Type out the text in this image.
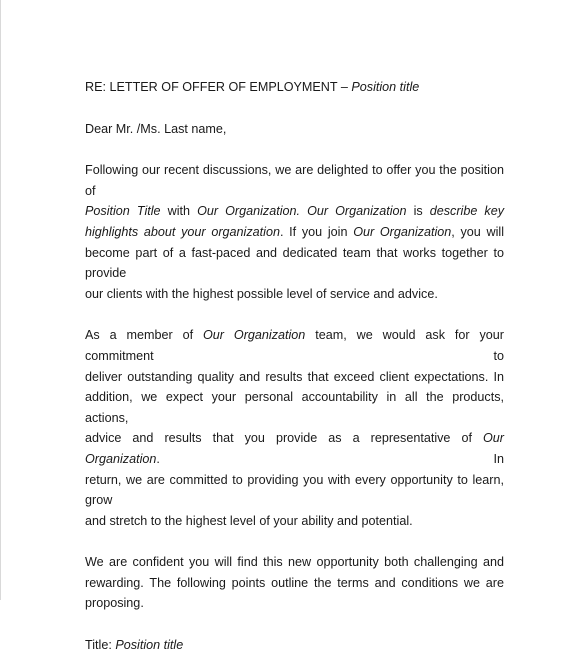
RE: LETTER OF OFFER OF EMPLOYMENT – Position title
Dear Mr. /Ms. Last name,
Following our recent discussions, we are delighted to offer you the position of
Position Title with Our Organization. Our Organization is describe key
highlights about your organization. If you join Our Organization, you will
become part of a fast-paced and dedicated team that works together to provide
our clients with the highest possible level of service and advice.
As a member of Our Organization team, we would ask for your commitment to
deliver outstanding quality and results that exceed client expectations. In
addition, we expect your personal accountability in all the products, actions,
advice and results that you provide as a representative of Our Organization. In
return, we are committed to providing you with every opportunity to learn, grow
and stretch to the highest level of your ability and potential.
We are confident you will find this new opportunity both challenging and
rewarding. The following points outline the terms and conditions we are
proposing.
Title: Position title
